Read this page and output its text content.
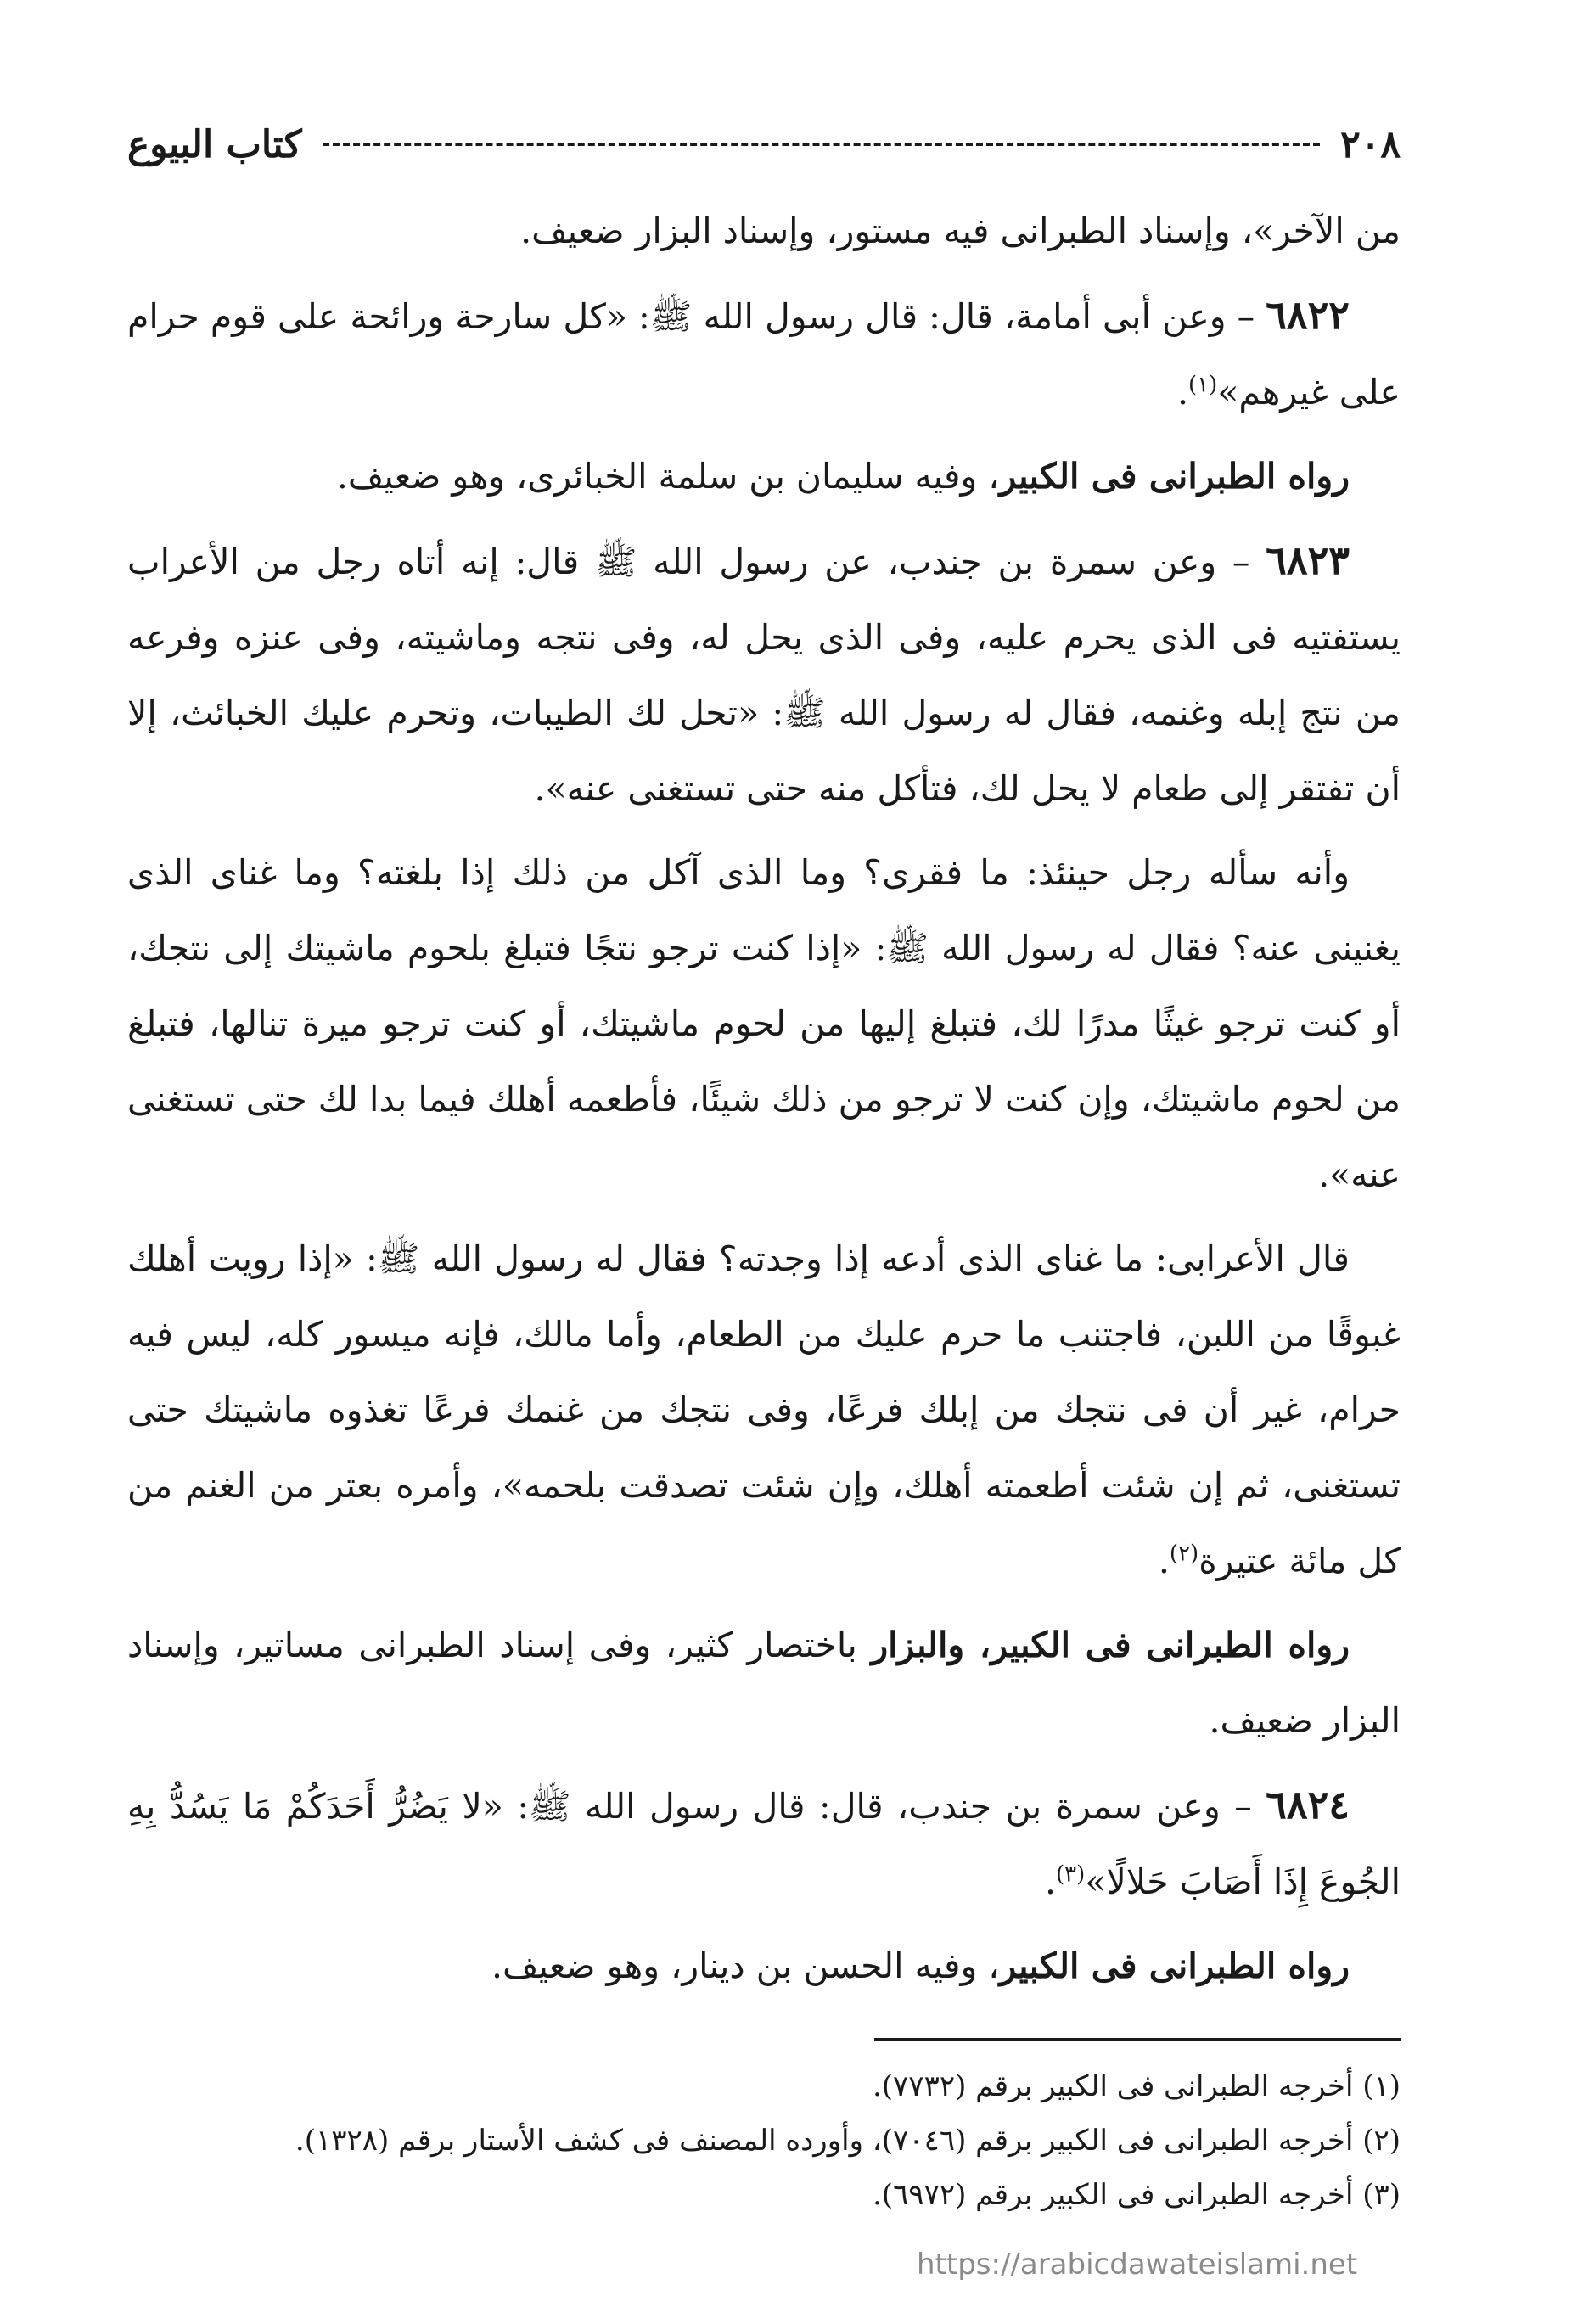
٢٠٨
كتاب البيوع

من الآخر»، وإسناد الطبرانى فيه مستور، وإسناد البزار ضعيف.

٦٨٢٢ – وعن أبى أمامة، قال: قال رسول الله ﷺ: «كل سارحة ورائحة على قوم حرام على غيرهم»$^{(١)}$.

رواه الطبرانى فى الكبير، وفيه سليمان بن سلمة الخبائرى، وهو ضعيف.

٦٨٢٣ – وعن سمرة بن جندب، عن رسول الله ﷺ قال: إنه أتاه رجل من الأعراب يستفتيه فى الذى يحرم عليه، وفى الذى يحل له، وفى نتجه وماشيته، وفى عنزه وفرعه من نتج إبله وغنمه، فقال له رسول الله ﷺ: «تحل لك الطيبات، وتحرم عليك الخبائث، إلا أن تفتقر إلى طعام لا يحل لك، فتأكل منه حتى تستغنى عنه».

وأنه سأله رجل حينئذ: ما فقرى؟ وما الذى آكل من ذلك إذا بلغته؟ وما غناى الذى يغنينى عنه؟ فقال له رسول الله ﷺ: «إذا كنت ترجو نتجًا فتبلغ بلحوم ماشيتك إلى نتجك، أو كنت ترجو غيثًا مدرًا لك، فتبلغ إليها من لحوم ماشيتك، أو كنت ترجو ميرة تنالها، فتبلغ من لحوم ماشيتك، وإن كنت لا ترجو من ذلك شيئًا، فأطعمه أهلك فيما بدا لك حتى تستغنى عنه».

قال الأعرابى: ما غناى الذى أدعه إذا وجدته؟ فقال له رسول الله ﷺ: «إذا رويت أهلك غبوقًا من اللبن، فاجتنب ما حرم عليك من الطعام، وأما مالك، فإنه ميسور كله، ليس فيه حرام، غير أن فى نتجك من إبلك فرعًا، وفى نتجك من غنمك فرعًا تغذوه ماشيتك حتى تستغنى، ثم إن شئت أطعمته أهلك، وإن شئت تصدقت بلحمه»، وأمره بعتر من الغنم من كل مائة عتيرة$^{(٢)}$.

رواه الطبرانى فى الكبير، والبزار باختصار كثير، وفى إسناد الطبرانى مساتير، وإسناد البزار ضعيف.

٦٨٢٤ – وعن سمرة بن جندب، قال: قال رسول الله ﷺ: «لا يَضُرُّ أَحَدَكُمْ مَا يَسُدُّ بِهِ الجُوعَ إِذَا أَصَابَ حَلالًا»$^{(٣)}$.

رواه الطبرانى فى الكبير، وفيه الحسن بن دينار، وهو ضعيف.

(١) أخرجه الطبرانى فى الكبير برقم (٧٧٣٢).

(٢) أخرجه الطبرانى فى الكبير برقم (٧٠٤٦)، وأورده المصنف فى كشف الأستار برقم (١٣٢٨).

(٣) أخرجه الطبرانى فى الكبير برقم (٦٩٧٢).

https://arabicdawateislami.net
